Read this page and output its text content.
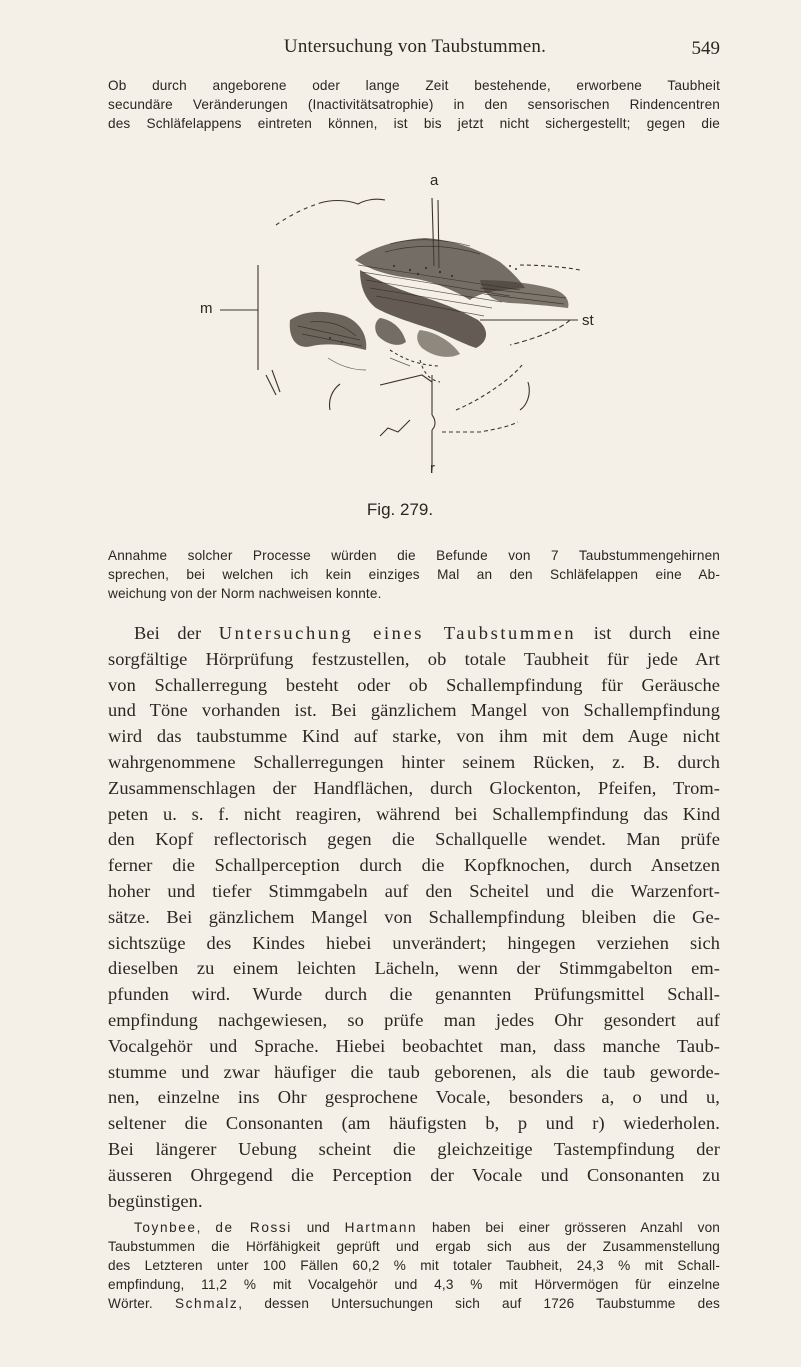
Untersuchung von Taubstummen.	549
Ob durch angeborene oder lange Zeit bestehende, erworbene Taubheit
secundäre Veränderungen (Inactivitätsatrophie) in den sensorischen Rindencentren
des Schläfelappens eintreten können, ist bis jetzt nicht sichergestellt; gegen die
a
m
st
r
Fig. 279.
Annahme solcher Processe würden die Befunde von 7 Taubstummengehirnen
sprechen, bei welchen ich kein einziges Mal an den Schläfelappen eine Ab-
weichung von der Norm nachweisen konnte.
Bei der Untersuchung eines Taubstummen ist durch eine
sorgfältige Hörprüfung festzustellen, ob totale Taubheit für jede Art
von Schallerregung besteht oder ob Schallempfindung für Geräusche
und Töne vorhanden ist. Bei gänzlichem Mangel von Schallempfindung
wird das taubstumme Kind auf starke, von ihm mit dem Auge nicht
wahrgenommene Schallerregungen hinter seinem Rücken, z. B. durch
Zusammenschlagen der Handflächen, durch Glockenton, Pfeifen, Trom-
peten u. s. f. nicht reagiren, während bei Schallempfindung das Kind
den Kopf reflectorisch gegen die Schallquelle wendet. Man prüfe
ferner die Schallperception durch die Kopfknochen, durch Ansetzen
hoher und tiefer Stimmgabeln auf den Scheitel und die Warzenfort-
sätze. Bei gänzlichem Mangel von Schallempfindung bleiben die Ge-
sichtszüge des Kindes hiebei unverändert; hingegen verziehen sich
dieselben zu einem leichten Lächeln, wenn der Stimmgabelton em-
pfunden wird. Wurde durch die genannten Prüfungsmittel Schall-
empfindung nachgewiesen, so prüfe man jedes Ohr gesondert auf
Vocalgehör und Sprache. Hiebei beobachtet man, dass manche Taub-
stumme und zwar häufiger die taub geborenen, als die taub geworde-
nen, einzelne ins Ohr gesprochene Vocale, besonders a, o und u,
seltener die Consonanten (am häufigsten b, p und r) wiederholen.
Bei längerer Uebung scheint die gleichzeitige Tastempfindung der
äusseren Ohrgegend die Perception der Vocale und Consonanten zu
begünstigen.
Toynbee, de Rossi und Hartmann haben bei einer grösseren Anzahl von
Taubstummen die Hörfähigkeit geprüft und ergab sich aus der Zusammenstellung
des Letzteren unter 100 Fällen 60,2 % mit totaler Taubheit, 24,3 % mit Schall-
empfindung, 11,2 % mit Vocalgehör und 4,3 % mit Hörvermögen für einzelne
Wörter. Schmalz, dessen Untersuchungen sich auf 1726 Taubstumme des
